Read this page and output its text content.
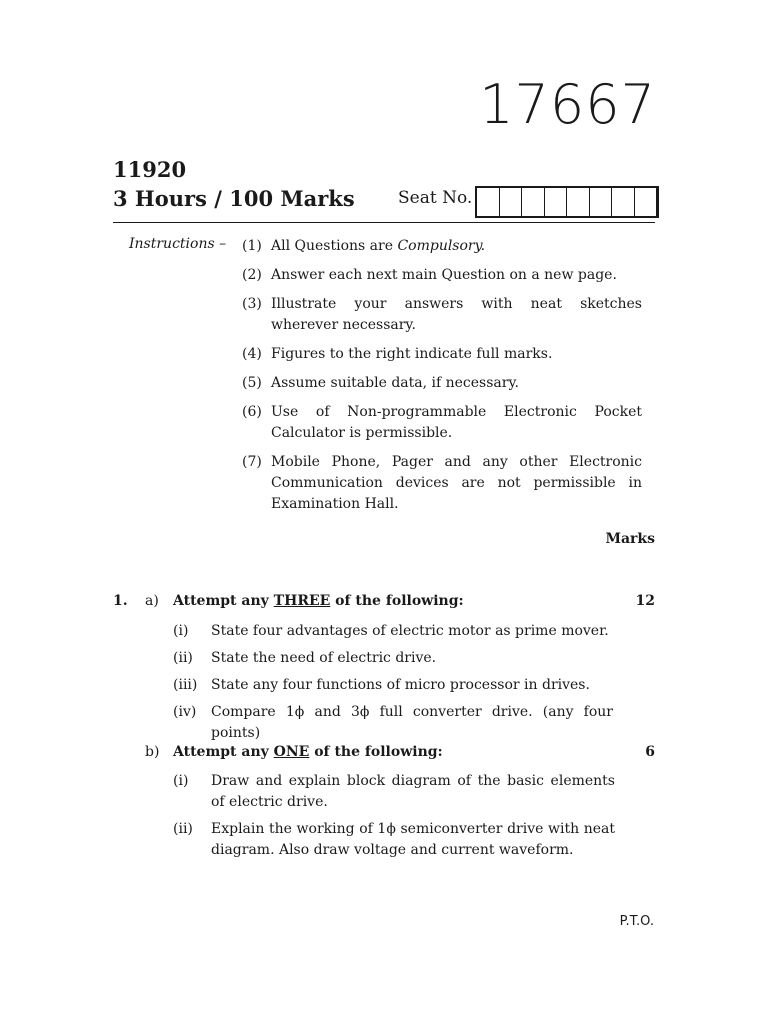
17667
11920
3 Hours / 100 Marks	Seat No.
Instructions – (1) All Questions are Compulsory.
(2) Answer each next main Question on a new page.
(3) Illustrate your answers with neat sketches wherever necessary.
(4) Figures to the right indicate full marks.
(5) Assume suitable data, if necessary.
(6) Use of Non-programmable Electronic Pocket Calculator is permissible.
(7) Mobile Phone, Pager and any other Electronic Communication devices are not permissible in Examination Hall.
Marks
1. a) Attempt any THREE of the following:	12
(i)	State four advantages of electric motor as prime mover.
(ii)	State the need of electric drive.
(iii) State any four functions of micro processor in drives.
(iv)	Compare 1ϕ and 3ϕ full converter drive. (any four points)
b) Attempt any ONE of the following:	6
(i)	Draw and explain block diagram of the basic elements of electric drive.
(ii)	Explain the working of 1ϕ semiconverter drive with neat diagram. Also draw voltage and current waveform.
P.T.O.
